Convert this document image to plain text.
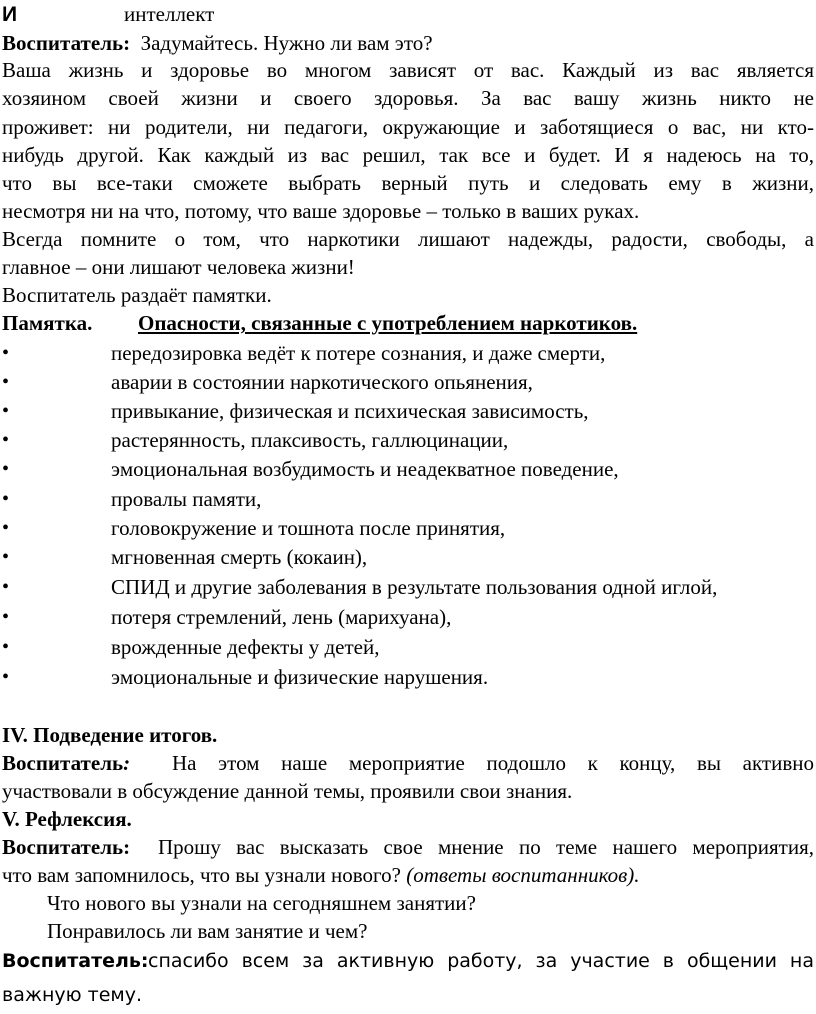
И	интеллект
Воспитатель: Задумайтесь. Нужно ли вам это?
Ваша жизнь и здоровье во многом зависят от вас. Каждый из вас является
хозяином своей жизни и своего здоровья. За вас вашу жизнь никто не
проживет: ни родители, ни педагоги, окружающие и заботящиеся о вас, ни кто-
нибудь другой. Как каждый из вас решил, так все и будет. И я надеюсь на то,
что вы все-таки сможете выбрать верный путь и следовать ему в жизни,
несмотря ни на что, потому, что ваше здоровье – только в ваших руках.
Всегда помните о том, что наркотики лишают надежды, радости, свободы, а
главное – они лишают человека жизни!
Воспитатель раздаёт памятки.
Памятка. Опасности, связанные с употреблением наркотиков.
•	передозировка ведёт к потере сознания, и даже смерти,
•	аварии в состоянии наркотического опьянения,
•	привыкание, физическая и психическая зависимость,
•	растерянность, плаксивость, галлюцинации,
•	эмоциональная возбудимость и неадекватное поведение,
•	провалы памяти,
•	головокружение и тошнота после принятия,
•	мгновенная смерть (кокаин),
•	СПИД и другие заболевания в результате пользования одной иглой,
•	потеря стремлений, лень (марихуана),
•	врожденные дефекты у детей,
•	эмоциональные и физические нарушения.
IV. Подведение итогов.
Воспитатель: На этом наше мероприятие подошло к концу, вы активно
участвовали в обсуждение данной темы, проявили свои знания.
V. Рефлексия.
Воспитатель: Прошу вас высказать свое мнение по теме нашего мероприятия,
что вам запомнилось, что вы узнали нового? (ответы воспитанников).
Что нового вы узнали на сегодняшнем занятии?
Понравилось ли вам занятие и чем?
Воспитатель: спасибо всем за активную работу, за участие в общении на
важную тему.
